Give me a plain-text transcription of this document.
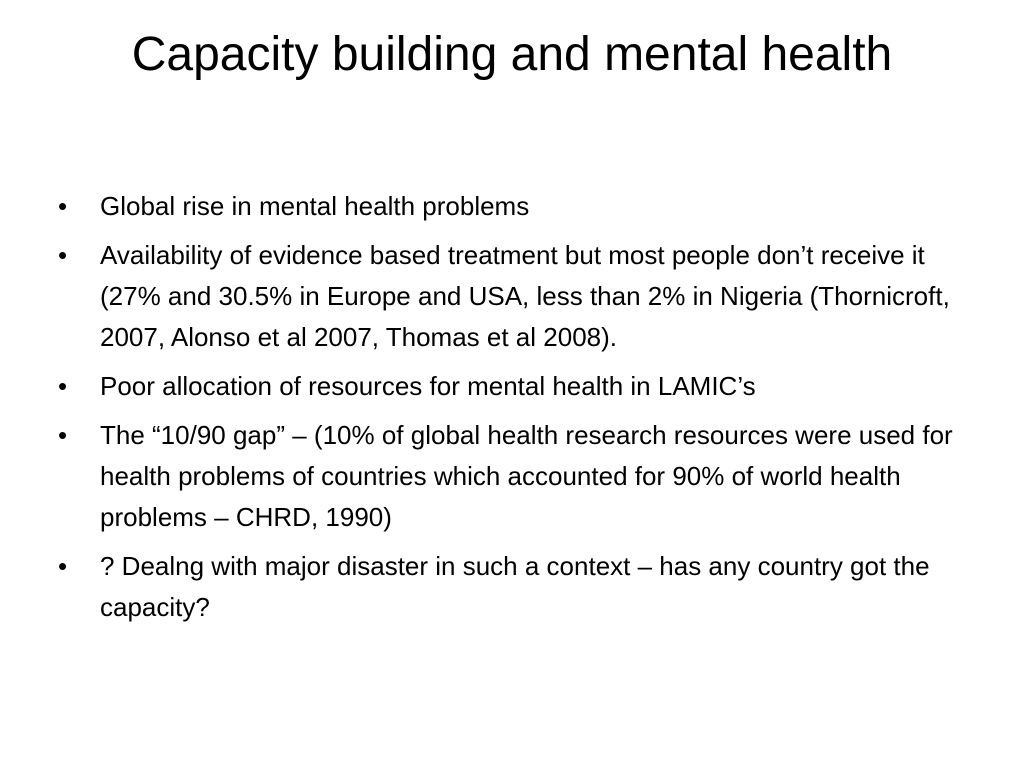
Capacity building and mental health
• Global rise in mental health problems
• Availability of evidence based treatment but most people don’t receive it (27% and 30.5% in Europe and USA, less than 2% in Nigeria (Thornicroft, 2007, Alonso et al 2007, Thomas et al 2008).
• Poor allocation of resources for mental health in LAMIC’s
• The “10/90 gap” – (10% of global health research resources were used for health problems of countries which accounted for 90% of world health problems – CHRD, 1990)
• ? Dealng with major disaster in such a context – has any country got the capacity?
